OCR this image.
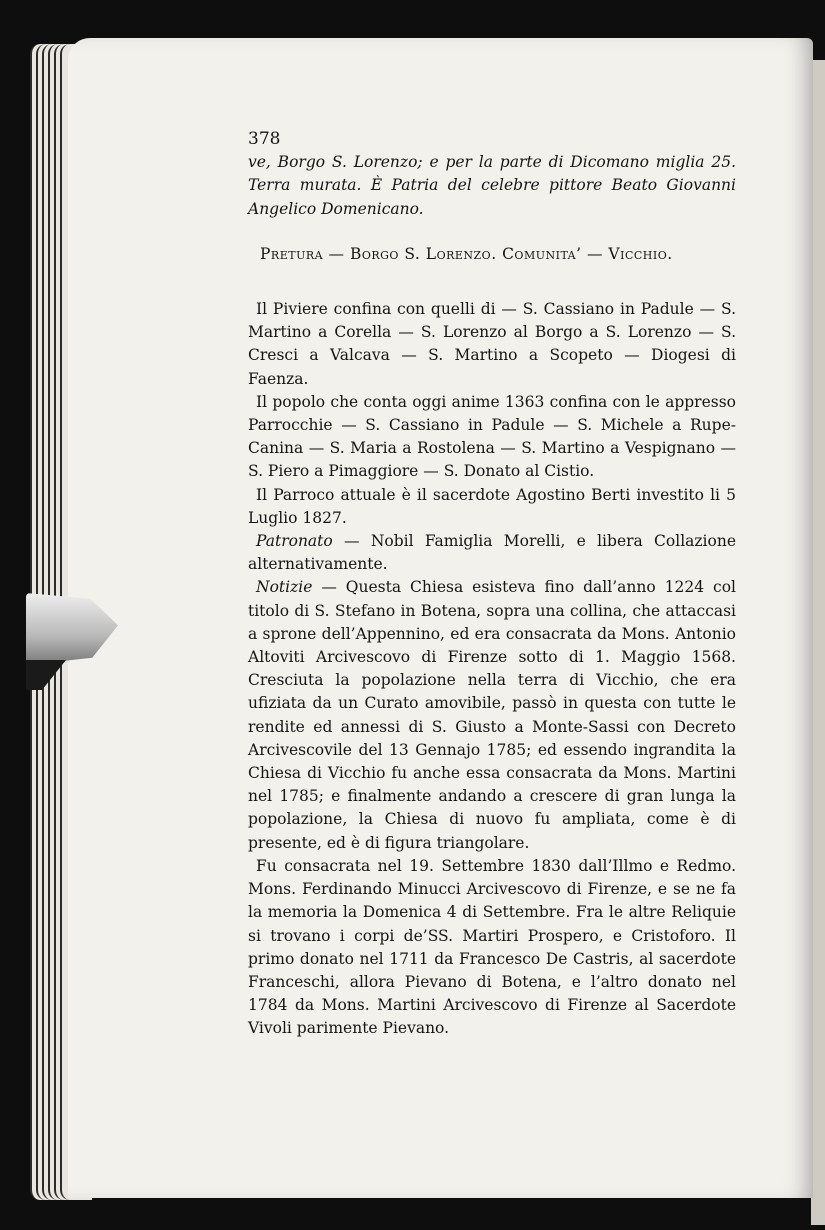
378

ve, Borgo S. Lorenzo; e per la parte di Dicomano miglia 25. Terra murata. È Patria del celebre pittore Beato Giovanni Angelico Domenicano.

Pretura — Borgo S. Lorenzo. Comunita’ — Vicchio.

Il Piviere confina con quelli di — S. Cassiano in Padule — S. Martino a Corella — S. Lorenzo al Borgo a S. Lorenzo — S. Cresci a Valcava — S. Martino a Scopeto — Diogesi di Faenza.

Il popolo che conta oggi anime 1363 confina con le appresso Parrocchie — S. Cassiano in Padule — S. Michele a Rupe-Canina — S. Maria a Rostolena — S. Martino a Vespignano — S. Piero a Pimaggiore — S. Donato al Cistio.

Il Parroco attuale è il sacerdote Agostino Berti investito li 5 Luglio 1827.

Patronato — Nobil Famiglia Morelli, e libera Collazione alternativamente.

Notizie — Questa Chiesa esisteva fino dall’anno 1224 col titolo di S. Stefano in Botena, sopra una collina, che attaccasi a sprone dell’Appennino, ed era consacrata da Mons. Antonio Altoviti Arcivescovo di Firenze sotto di 1. Maggio 1568. Cresciuta la popolazione nella terra di Vicchio, che era ufiziata da un Curato amovibile, passò in questa con tutte le rendite ed annessi di S. Giusto a Monte-Sassi con Decreto Arcivescovile del 13 Gennajo 1785; ed essendo ingrandita la Chiesa di Vicchio fu anche essa consacrata da Mons. Martini nel 1785; e finalmente andando a crescere di gran lunga la popolazione, la Chiesa di nuovo fu ampliata, come è di presente, ed è di figura triangolare.

Fu consacrata nel 19. Settembre 1830 dall’Illmo e Redmo. Mons. Ferdinando Minucci Arcivescovo di Firenze, e se ne fa la memoria la Domenica 4 di Settembre. Fra le altre Reliquie si trovano i corpi de’SS. Martiri Prospero, e Cristoforo. Il primo donato nel 1711 da Francesco De Castris, al sacerdote Franceschi, allora Pievano di Botena, e l’altro donato nel 1784 da Mons. Martini Arcivescovo di Firenze al Sacerdote Vivoli parimente Pievano.
